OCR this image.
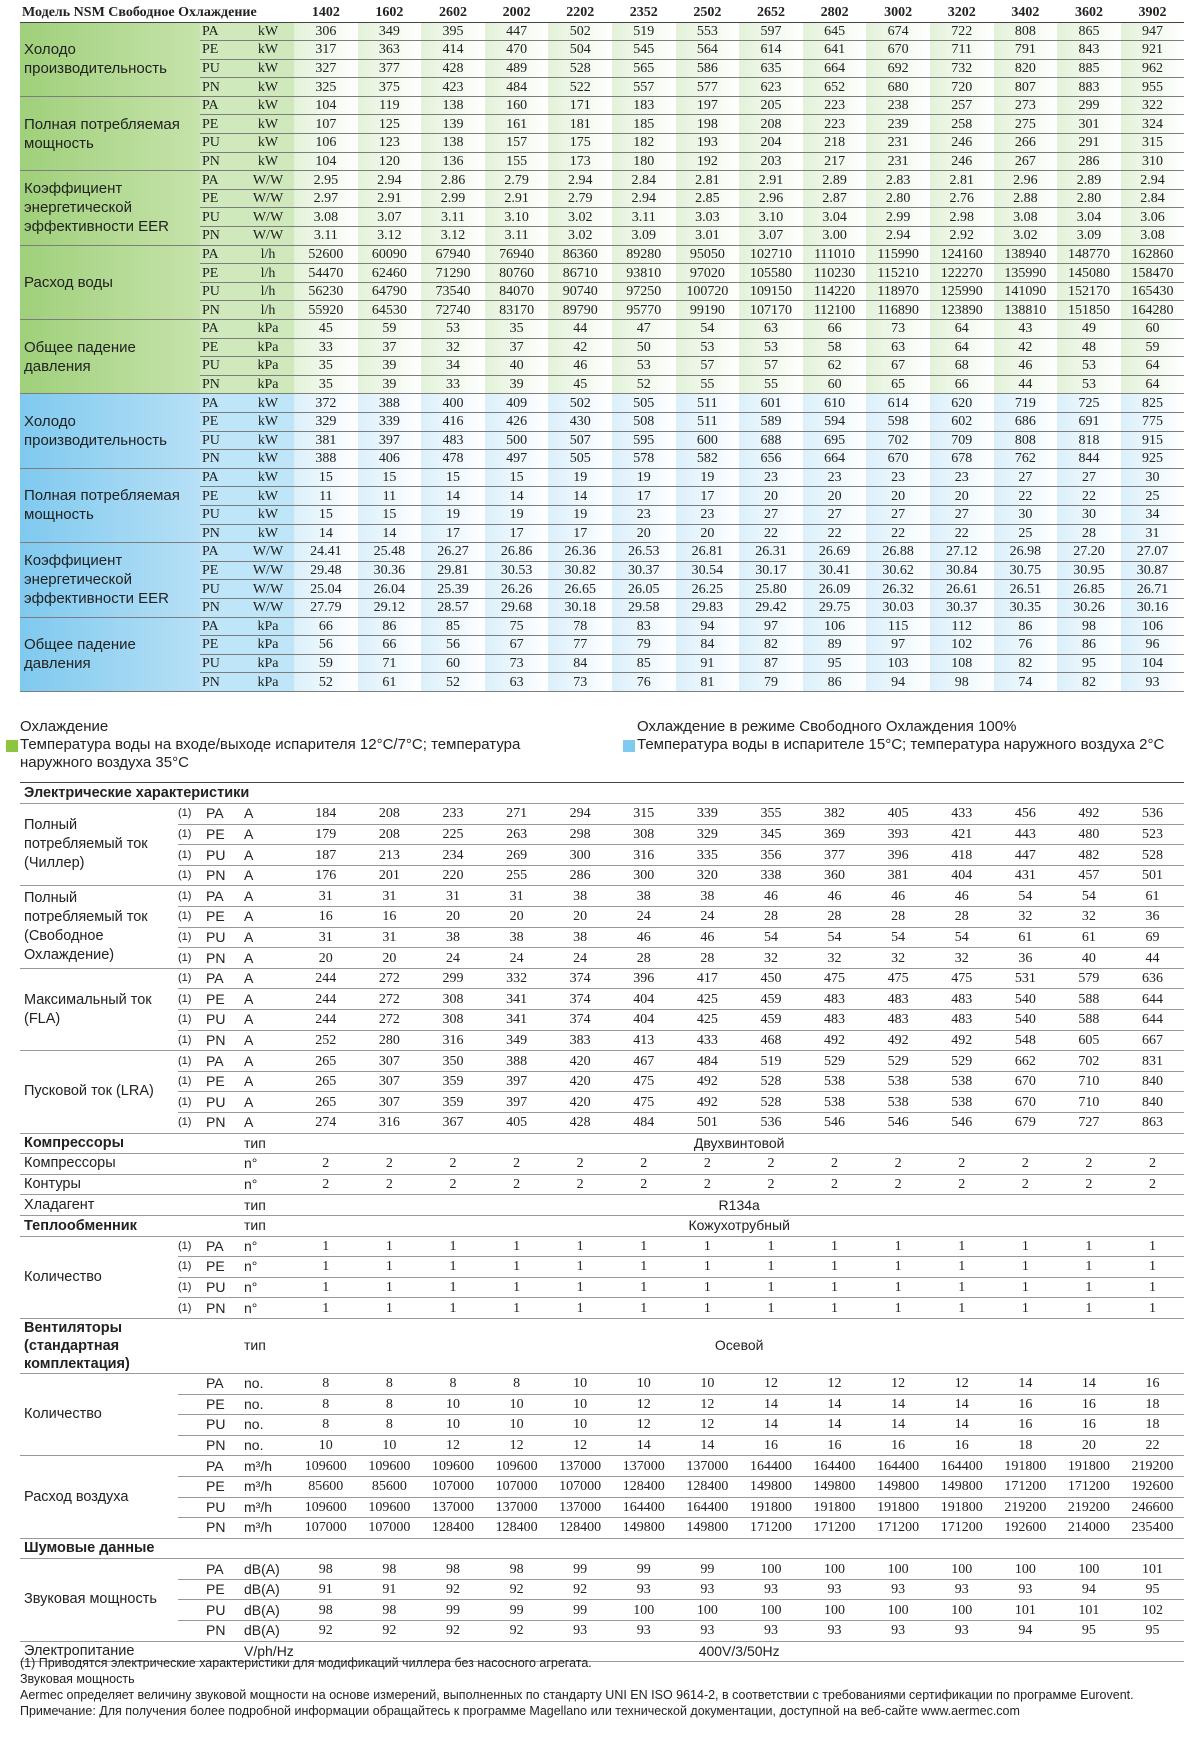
Модель NSM Свободное Охлаждение			1402	1602	2602	2002	2202	2352	2502	2652	2802	3002	3202	3402	3602	3902
Холодо производительность	PA	kW	306	349	395	447	502	519	553	597	645	674	722	808	865	947
	PE	kW	317	363	414	470	504	545	564	614	641	670	711	791	843	921
	PU	kW	327	377	428	489	528	565	586	635	664	692	732	820	885	962
	PN	kW	325	375	423	484	522	557	577	623	652	680	720	807	883	955
Полная потребляемая мощность	PA	kW	104	119	138	160	171	183	197	205	223	238	257	273	299	322
	PE	kW	107	125	139	161	181	185	198	208	223	239	258	275	301	324
	PU	kW	106	123	138	157	175	182	193	204	218	231	246	266	291	315
	PN	kW	104	120	136	155	173	180	192	203	217	231	246	267	286	310
Коэффициент энергетической эффективности EER	PA	W/W	2.95	2.94	2.86	2.79	2.94	2.84	2.81	2.91	2.89	2.83	2.81	2.96	2.89	2.94
	PE	W/W	2.97	2.91	2.99	2.91	2.79	2.94	2.85	2.96	2.87	2.80	2.76	2.88	2.80	2.84
	PU	W/W	3.08	3.07	3.11	3.10	3.02	3.11	3.03	3.10	3.04	2.99	2.98	3.08	3.04	3.06
	PN	W/W	3.11	3.12	3.12	3.11	3.02	3.09	3.01	3.07	3.00	2.94	2.92	3.02	3.09	3.08
Расход воды	PA	l/h	52600	60090	67940	76940	86360	89280	95050	102710	111010	115990	124160	138940	148770	162860
	PE	l/h	54470	62460	71290	80760	86710	93810	97020	105580	110230	115210	122270	135990	145080	158470
	PU	l/h	56230	64790	73540	84070	90740	97250	100720	109150	114220	118970	125990	141090	152170	165430
	PN	l/h	55920	64530	72740	83170	89790	95770	99190	107170	112100	116890	123890	138810	151850	164280
Общее падение давления	PA	kPa	45	59	53	35	44	47	54	63	66	73	64	43	49	60
	PE	kPa	33	37	32	37	42	50	53	53	58	63	64	42	48	59
	PU	kPa	35	39	34	40	46	53	57	57	62	67	68	46	53	64
	PN	kPa	35	39	33	39	45	52	55	55	60	65	66	44	53	64
Холодо производительность	PA	kW	372	388	400	409	502	505	511	601	610	614	620	719	725	825
	PE	kW	329	339	416	426	430	508	511	589	594	598	602	686	691	775
	PU	kW	381	397	483	500	507	595	600	688	695	702	709	808	818	915
	PN	kW	388	406	478	497	505	578	582	656	664	670	678	762	844	925
Полная потребляемая мощность	PA	kW	15	15	15	15	19	19	19	23	23	23	23	27	27	30
	PE	kW	11	11	14	14	14	17	17	20	20	20	20	22	22	25
	PU	kW	15	15	19	19	19	23	23	27	27	27	27	30	30	34
	PN	kW	14	14	17	17	17	20	20	22	22	22	22	25	28	31
Коэффициент энергетической эффективности EER	PA	W/W	24.41	25.48	26.27	26.86	26.36	26.53	26.81	26.31	26.69	26.88	27.12	26.98	27.20	27.07
	PE	W/W	29.48	30.36	29.81	30.53	30.82	30.37	30.54	30.17	30.41	30.62	30.84	30.75	30.95	30.87
	PU	W/W	25.04	26.04	25.39	26.26	26.65	26.05	26.25	25.80	26.09	26.32	26.61	26.51	26.85	26.71
	PN	W/W	27.79	29.12	28.57	29.68	30.18	29.58	29.83	29.42	29.75	30.03	30.37	30.35	30.26	30.16
Общее падение давления	PA	kPa	66	86	85	75	78	83	94	97	106	115	112	86	98	106
	PE	kPa	56	66	56	67	77	79	84	82	89	97	102	76	86	96
	PU	kPa	59	71	60	73	84	85	91	87	95	103	108	82	95	104
	PN	kPa	52	61	52	63	73	76	81	79	86	94	98	74	82	93
Охлаждение
Температура воды на входе/выходе испарителя 12°C/7°C; температура наружного воздуха 35°C
Охлаждение в режиме Свободного Охлаждения 100%
Температура воды в испарителе 15°C; температура наружного воздуха 2°C
Электрические характеристики																	
Полный потребляемый ток (Чиллер)	(1)	PA	A	184	208	233	271	294	315	339	355	382	405	433	456	492	536
	(1)	PE	A	179	208	225	263	298	308	329	345	369	393	421	443	480	523
	(1)	PU	A	187	213	234	269	300	316	335	356	377	396	418	447	482	528
	(1)	PN	A	176	201	220	255	286	300	320	338	360	381	404	431	457	501
Полный потребляемый ток (Свободное Охлаждение)	(1)	PA	A	31	31	31	31	38	38	38	46	46	46	46	54	54	61
	(1)	PE	A	16	16	20	20	20	24	24	28	28	28	28	32	32	36
	(1)	PU	A	31	31	38	38	38	46	46	54	54	54	54	61	61	69
	(1)	PN	A	20	20	24	24	24	28	28	32	32	32	32	36	40	44
Максимальный ток (FLA)	(1)	PA	A	244	272	299	332	374	396	417	450	475	475	475	531	579	636
	(1)	PE	A	244	272	308	341	374	404	425	459	483	483	483	540	588	644
	(1)	PU	A	244	272	308	341	374	404	425	459	483	483	483	540	588	644
	(1)	PN	A	252	280	316	349	383	413	433	468	492	492	492	548	605	667
Пусковой ток (LRA)	(1)	PA	A	265	307	350	388	420	467	484	519	529	529	529	662	702	831
	(1)	PE	A	265	307	359	397	420	475	492	528	538	538	538	670	710	840
	(1)	PU	A	265	307	359	397	420	475	492	528	538	538	538	670	710	840
	(1)	PN	A	274	316	367	405	428	484	501	536	546	546	546	679	727	863
Компрессоры			тип	Двухвинтовой													
Компрессоры			n°	2	2	2	2	2	2	2	2	2	2	2	2	2	2
Контуры			n°	2	2	2	2	2	2	2	2	2	2	2	2	2	2
Хладагент			тип	R134a													
Теплообменник			тип	Кожухотрубный													
Количество	(1)	PA	n°	1	1	1	1	1	1	1	1	1	1	1	1	1	1
	(1)	PE	n°	1	1	1	1	1	1	1	1	1	1	1	1	1	1
	(1)	PU	n°	1	1	1	1	1	1	1	1	1	1	1	1	1	1
	(1)	PN	n°	1	1	1	1	1	1	1	1	1	1	1	1	1	1
Вентиляторы (стандартная комплектация)			тип	Осевой													
Количество		PA	no.	8	8	8	8	10	10	10	12	12	12	12	14	14	16
		PE	no.	8	8	10	10	10	12	12	14	14	14	14	16	16	18
		PU	no.	8	8	10	10	10	12	12	14	14	14	14	16	16	18
		PN	no.	10	10	12	12	12	14	14	16	16	16	16	18	20	22
Расход воздуха		PA	m³/h	109600	109600	109600	109600	137000	137000	137000	164400	164400	164400	164400	191800	191800	219200
		PE	m³/h	85600	85600	107000	107000	107000	128400	128400	149800	149800	149800	149800	171200	171200	192600
		PU	m³/h	109600	109600	137000	137000	137000	164400	164400	191800	191800	191800	191800	219200	219200	246600
		PN	m³/h	107000	107000	128400	128400	128400	149800	149800	171200	171200	171200	171200	192600	214000	235400
Шумовые данные																	
Звуковая мощность		PA	dB(A)	98	98	98	98	99	99	99	100	100	100	100	100	100	101
		PE	dB(A)	91	91	92	92	92	93	93	93	93	93	93	93	94	95
		PU	dB(A)	98	98	99	99	99	100	100	100	100	100	100	101	101	102
		PN	dB(A)	92	92	92	92	93	93	93	93	93	93	93	94	95	95
Электропитание			V/ph/Hz	400V/3/50Hz													
(1) Приводятся электрические характеристики для модификаций чиллера без насосного агрегата.
Звуковая мощность
Aermec определяет величину звуковой мощности на основе измерений, выполненных по стандарту UNI EN ISO 9614-2, в соответствии с требованиями сертификации по программе Eurovent.
Примечание: Для получения более подробной информации обращайтесь к программе Magellano или технической документации, доступной на веб-сайте www.aermec.com
